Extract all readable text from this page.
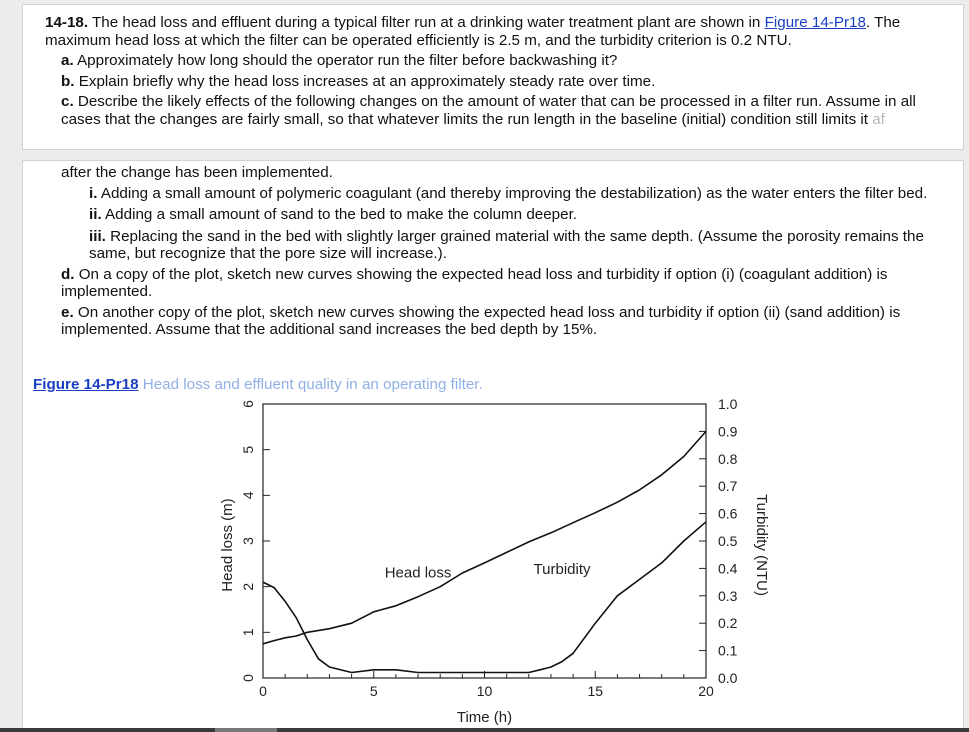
14-18. The head loss and effluent during a typical filter run at a drinking water treatment plant are shown in Figure 14-Pr18. The maximum head loss at which the filter can be operated efficiently is 2.5 m, and the turbidity criterion is 0.2 NTU.

a. Approximately how long should the operator run the filter before backwashing it?

b. Explain briefly why the head loss increases at an approximately steady rate over time.

c. Describe the likely effects of the following changes on the amount of water that can be processed in a filter run. Assume in all cases that the changes are fairly small, so that whatever limits the run length in the baseline (initial) condition still limits it af

after the change has been implemented.

i. Adding a small amount of polymeric coagulant (and thereby improving the destabilization) as the water enters the filter bed.

ii. Adding a small amount of sand to the bed to make the column deeper.

iii. Replacing the sand in the bed with slightly larger grained material with the same depth. (Assume the porosity remains the same, but recognize that the pore size will increase.).

d. On a copy of the plot, sketch new curves showing the expected head loss and turbidity if option (i) (coagulant addition) is implemented.

e. On another copy of the plot, sketch new curves showing the expected head loss and turbidity if option (ii) (sand addition) is implemented. Assume that the additional sand increases the bed depth by 15%.

Figure 14-Pr18 Head loss and effluent quality in an operating filter.
0	5	10	15	20
0
1
2
3
4
5
6
0.0
0.1
0.2
0.3
0.4
0.5
0.6
0.7
0.8
0.9
1.0
Time (h)
Head loss (m)	Turbidity (NTU)
Head loss	Turbidity
